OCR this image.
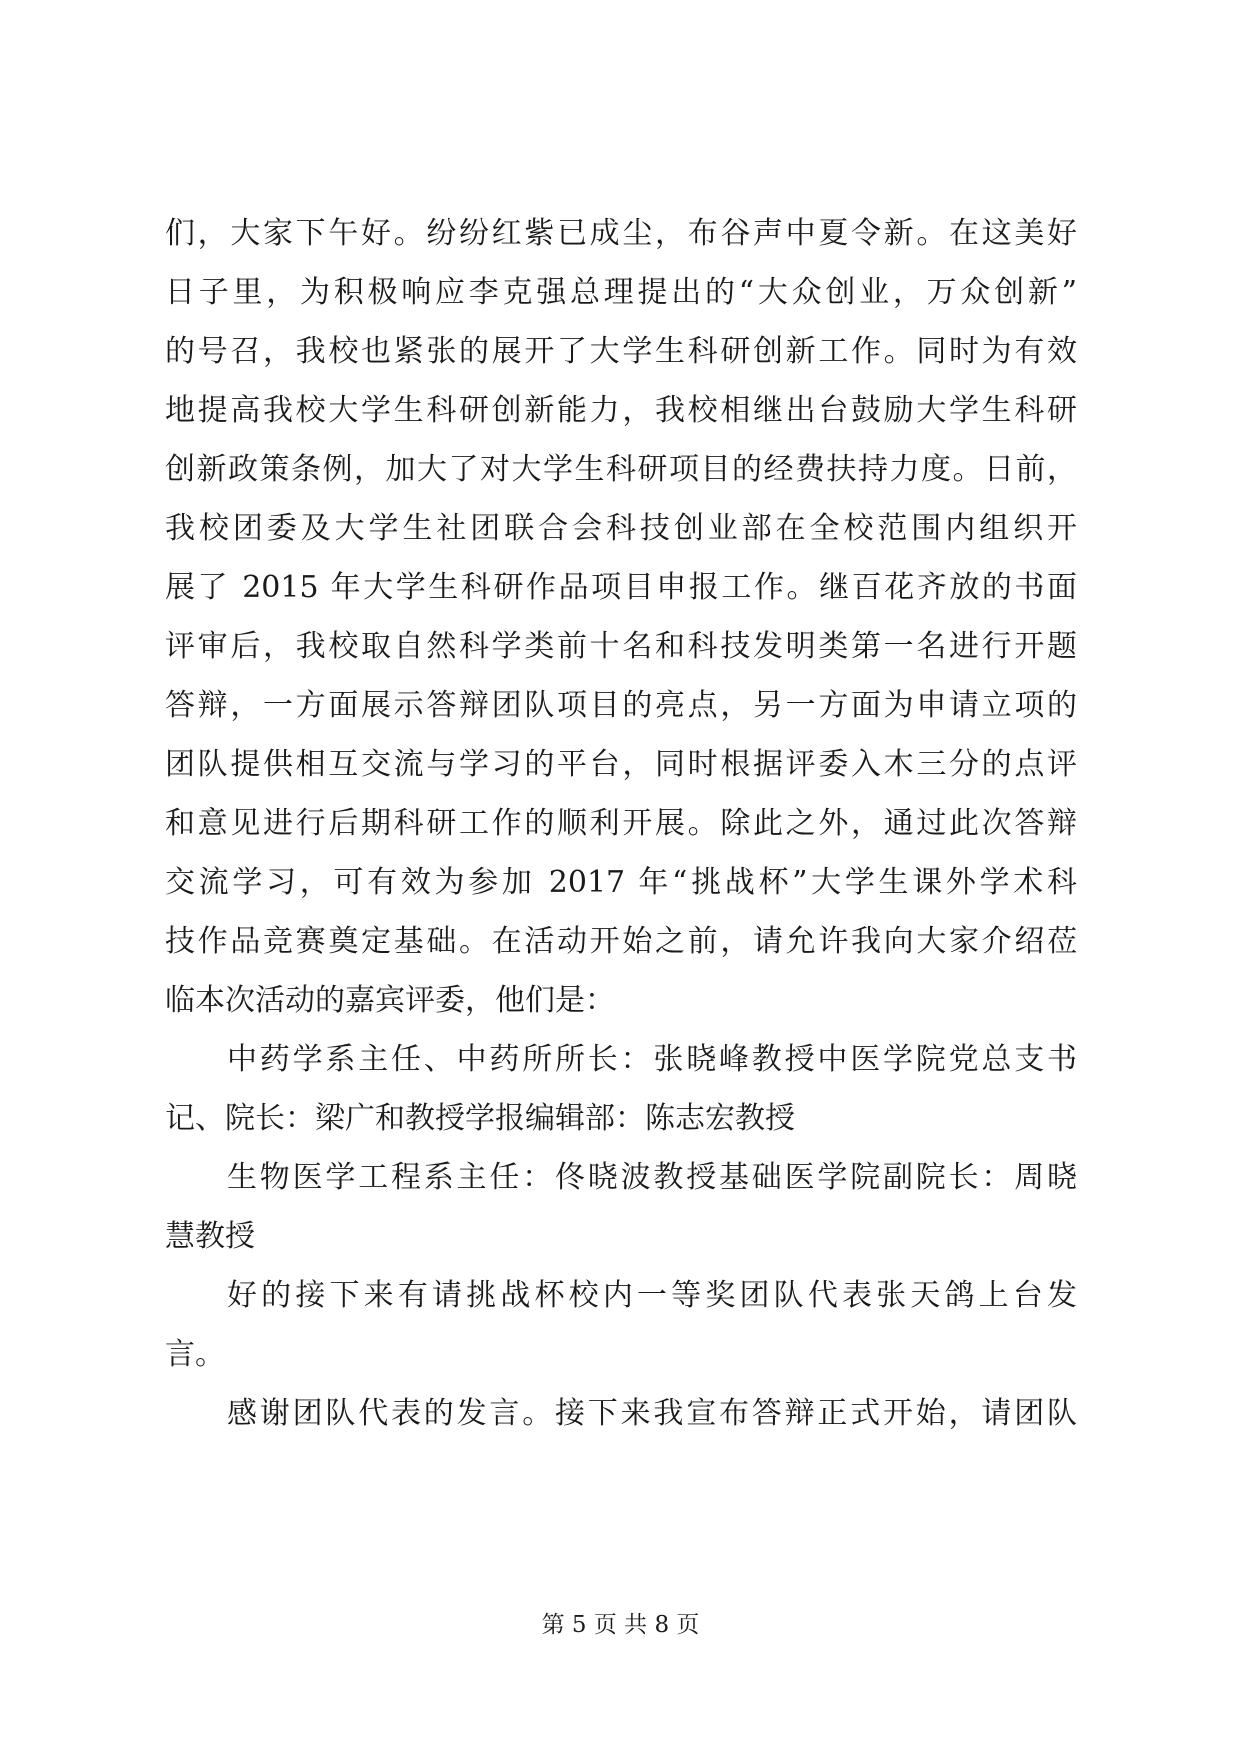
们，大家下午好。纷纷红紫已成尘，布谷声中夏令新。在这美好
日子里，为积极响应李克强总理提出的“大众创业，万众创新”
的号召，我校也紧张的展开了大学生科研创新工作。同时为有效
地提高我校大学生科研创新能力，我校相继出台鼓励大学生科研
创新政策条例，加大了对大学生科研项目的经费扶持力度。日前，
我校团委及大学生社团联合会科技创业部在全校范围内组织开
展了 2015 年大学生科研作品项目申报工作。继百花齐放的书面
评审后，我校取自然科学类前十名和科技发明类第一名进行开题
答辩，一方面展示答辩团队项目的亮点，另一方面为申请立项的
团队提供相互交流与学习的平台，同时根据评委入木三分的点评
和意见进行后期科研工作的顺利开展。除此之外，通过此次答辩
交流学习，可有效为参加 2017 年“挑战杯”大学生课外学术科
技作品竞赛奠定基础。在活动开始之前，请允许我向大家介绍莅
临本次活动的嘉宾评委，他们是：
中药学系主任、中药所所长：张晓峰教授中医学院党总支书
记、院长：梁广和教授学报编辑部：陈志宏教授
生物医学工程系主任：佟晓波教授基础医学院副院长：周晓
慧教授
好的接下来有请挑战杯校内一等奖团队代表张天鸽上台发
言。
感谢团队代表的发言。接下来我宣布答辩正式开始，请团队
第 5 页 共 8 页
